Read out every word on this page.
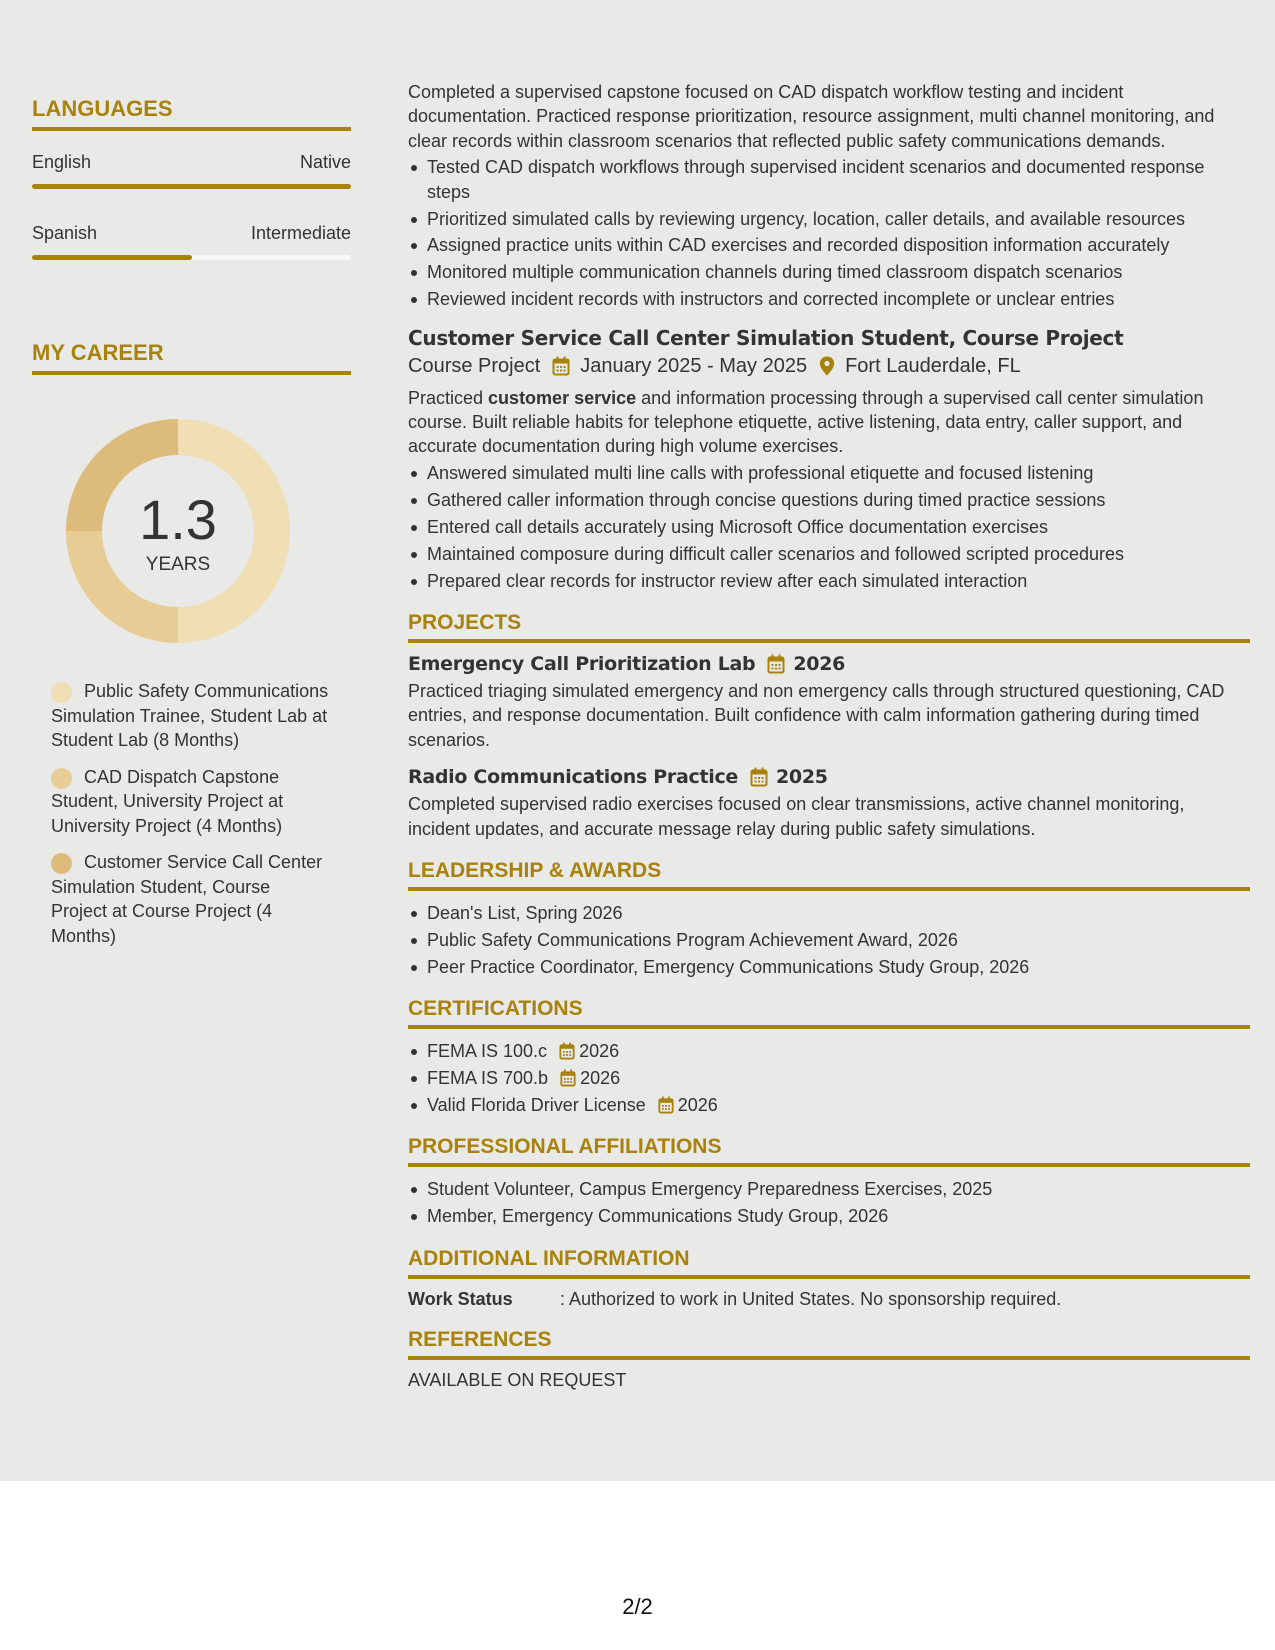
LANGUAGES
English	Native
Spanish	Intermediate
MY CAREER
1.3
YEARS
Public Safety Communications Simulation Trainee, Student Lab at Student Lab (8 Months)
CAD Dispatch Capstone Student, University Project at University Project (4 Months)
Customer Service Call Center Simulation Student, Course Project at Course Project (4 Months)

Completed a supervised capstone focused on CAD dispatch workflow testing and incident documentation. Practiced response prioritization, resource assignment, multi channel monitoring, and clear records within classroom scenarios that reflected public safety communications demands.

Tested CAD dispatch workflows through supervised incident scenarios and documented response steps
Prioritized simulated calls by reviewing urgency, location, caller details, and available resources
Assigned practice units within CAD exercises and recorded disposition information accurately
Monitored multiple communication channels during timed classroom dispatch scenarios
Reviewed incident records with instructors and corrected incomplete or unclear entries
Customer Service Call Center Simulation Student, Course Project
Course Project January 2025 - May 2025 Fort Lauderdale, FL

Practiced customer service and information processing through a supervised call center simulation course. Built reliable habits for telephone etiquette, active listening, data entry, caller support, and accurate documentation during high volume exercises.

Answered simulated multi line calls with professional etiquette and focused listening
Gathered caller information through concise questions during timed practice sessions
Entered call details accurately using Microsoft Office documentation exercises
Maintained composure during difficult caller scenarios and followed scripted procedures
Prepared clear records for instructor review after each simulated interaction
PROJECTS
Emergency Call Prioritization Lab 2026

Practiced triaging simulated emergency and non emergency calls through structured questioning, CAD entries, and response documentation. Built confidence with calm information gathering during timed scenarios.

Radio Communications Practice 2025

Completed supervised radio exercises focused on clear transmissions, active channel monitoring, incident updates, and accurate message relay during public safety simulations.

LEADERSHIP & AWARDS
Dean's List, Spring 2026
Public Safety Communications Program Achievement Award, 2026
Peer Practice Coordinator, Emergency Communications Study Group, 2026
CERTIFICATIONS
FEMA IS 100.c 2026
FEMA IS 700.b 2026
Valid Florida Driver License 2026
PROFESSIONAL AFFILIATIONS
Student Volunteer, Campus Emergency Preparedness Exercises, 2025
Member, Emergency Communications Study Group, 2026
ADDITIONAL INFORMATION
Work Status	: Authorized to work in United States. No sponsorship required.
REFERENCES
AVAILABLE ON REQUEST
2/2
